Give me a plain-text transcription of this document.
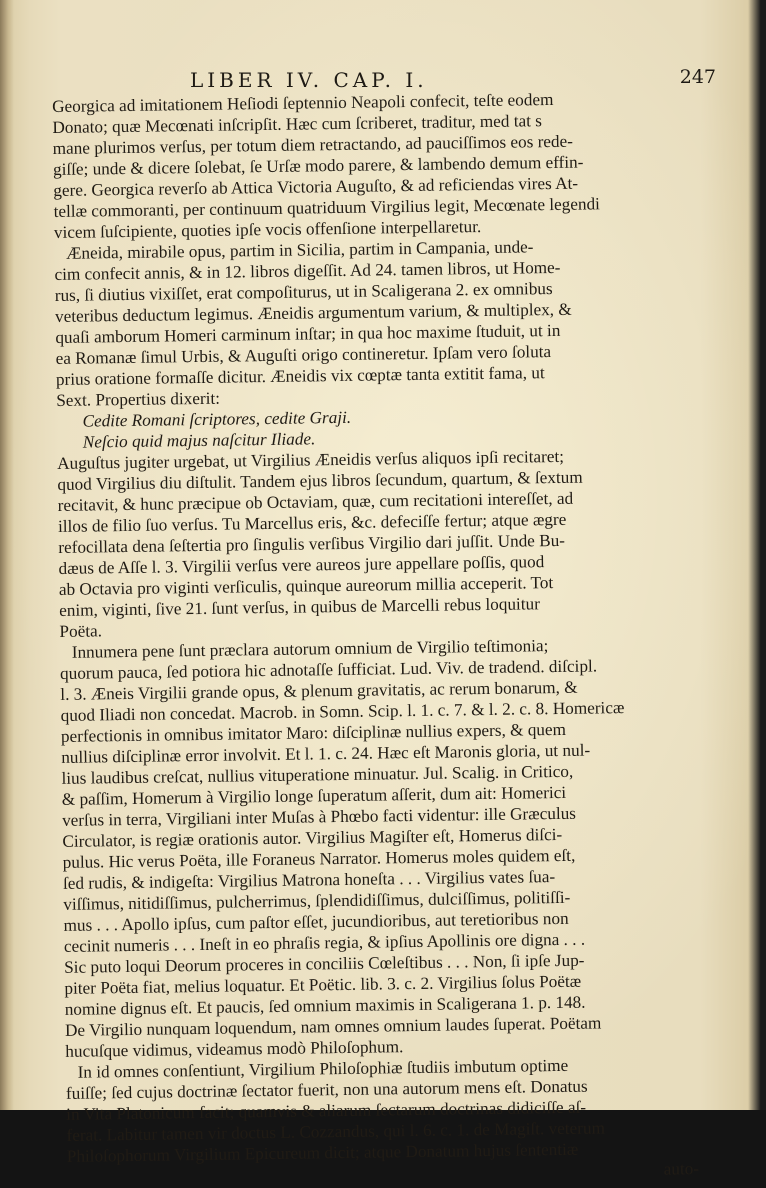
LIBER IV. CAP. I.	247
Georgica ad imitationem Heſiodi ſeptennio Neapoli confecit, teſte eodem
Donato; quæ Mecœnati inſcripſit. Hæc cum ſcriberet, traditur, med tat s
mane plurimos verſus, per totum diem retractando, ad pauciſſimos eos rede-
giſſe; unde & dicere ſolebat, ſe Urſæ modo parere, & lambendo demum effin-
gere. Georgica reverſo ab Attica Victoria Auguſto, & ad reficiendas vires At-
tellæ commoranti, per continuum quatriduum Virgilius legit, Mecœnate legendi
vicem ſuſcipiente, quoties ipſe vocis offenſione interpellaretur.
Æneida, mirabile opus, partim in Sicilia, partim in Campania, unde-
cim confecit annis, & in 12. libros digeſſit. Ad 24. tamen libros, ut Home-
rus, ſi diutius vixiſſet, erat compoſiturus, ut in Scaligerana 2. ex omnibus
veteribus deductum legimus. Æneidis argumentum varium, & multiplex, &
quaſi amborum Homeri carminum inſtar; in qua hoc maxime ſtuduit, ut in
ea Romanæ ſimul Urbis, & Auguſti origo contineretur. Ipſam vero ſoluta
prius oratione formaſſe dicitur. Æneidis vix cœptæ tanta extitit fama, ut
Sext. Propertius dixerit:
Cedite Romani ſcriptores, cedite Graji.
Neſcio quid majus naſcitur Iliade.
Auguſtus jugiter urgebat, ut Virgilius Æneidis verſus aliquos ipſi recitaret;
quod Virgilius diu diſtulit. Tandem ejus libros ſecundum, quartum, & ſextum
recitavit, & hunc præcipue ob Octaviam, quæ, cum recitationi intereſſet, ad
illos de filio ſuo verſus. Tu Marcellus eris, &c. defeciſſe fertur; atque ægre
refocillata dena ſeſtertia pro ſingulis verſibus Virgilio dari juſſit. Unde Bu-
dæus de Aſſe l. 3. Virgilii verſus vere aureos jure appellare poſſis, quod
ab Octavia pro viginti verſiculis, quinque aureorum millia acceperit. Tot
enim, viginti, ſive 21. ſunt verſus, in quibus de Marcelli rebus loquitur
Poëta.
Innumera pene ſunt præclara autorum omnium de Virgilio teſtimonia;
quorum pauca, ſed potiora hic adnotaſſe ſufficiat. Lud. Viv. de tradend. diſcipl.
l. 3. Æneis Virgilii grande opus, & plenum gravitatis, ac rerum bonarum, &
quod Iliadi non concedat. Macrob. in Somn. Scip. l. 1. c. 7. & l. 2. c. 8. Homericæ
perfectionis in omnibus imitator Maro: diſciplinæ nullius expers, & quem
nullius diſciplinæ error involvit. Et l. 1. c. 24. Hæc eſt Maronis gloria, ut nul-
lius laudibus creſcat, nullius vituperatione minuatur. Jul. Scalig. in Critico,
& paſſim, Homerum à Virgilio longe ſuperatum aſſerit, dum ait: Homerici
verſus in terra, Virgiliani inter Muſas à Phœbo facti videntur: ille Græculus
Circulator, is regiæ orationis autor. Virgilius Magiſter eſt, Homerus diſci-
pulus. Hic verus Poëta, ille Foraneus Narrator. Homerus moles quidem eſt,
ſed rudis, & indigeſta: Virgilius Matrona honeſta . . . Virgilius vates ſua-
viſſimus, nitidiſſimus, pulcherrimus, ſplendidiſſimus, dulciſſimus, politiſſi-
mus . . . Apollo ipſus, cum paſtor eſſet, jucundioribus, aut teretioribus non
cecinit numeris . . . Ineſt in eo phraſis regia, & ipſius Apollinis ore digna . . .
Sic puto loqui Deorum proceres in conciliis Cœleſtibus . . . Non, ſi ipſe Jup-
piter Poëta fiat, melius loquatur. Et Poëtic. lib. 3. c. 2. Virgilius ſolus Poëtæ
nomine dignus eſt. Et paucis, ſed omnium maximis in Scaligerana 1. p. 148.
De Virgilio nunquam loquendum, nam omnes omnium laudes ſuperat. Poëtam
hucuſque vidimus, videamus modò Philoſophum.
In id omnes conſentiunt, Virgilium Philoſophiæ ſtudiis imbutum optime
fuiſſe; ſed cujus doctrinæ ſectator fuerit, non una autorum mens eſt. Donatus
in Vita Platonicum facit; quamvis & aliarum ſectarum doctrinas didiciſſe aſ-
ferat. Labitur tamen vir doctus L. Cozzandus, qui l. 6. c. 1. de Magiſt. veterum
Philoſophorum Virgilium Epicureum dicit; atque Donatum hujus ſententiæ
auto-
